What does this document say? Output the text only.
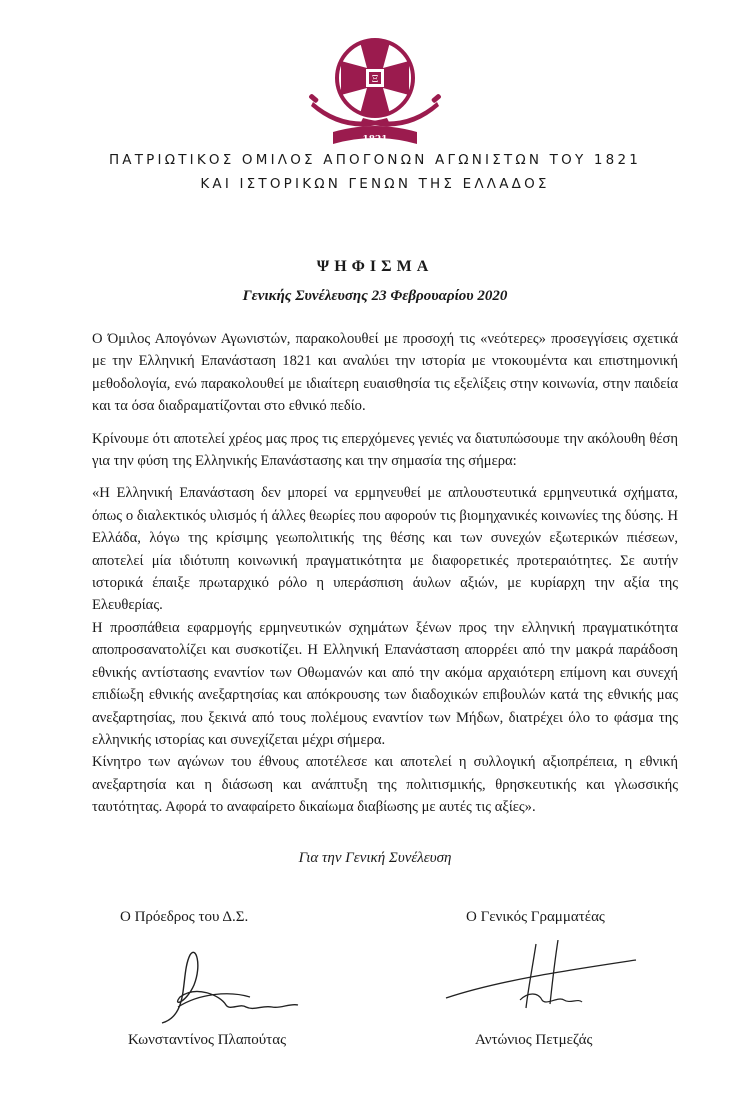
Ξ
1821
ΠΑΤΡΙΩΤΙΚΟΣ ΟΜΙΛΟΣ ΑΠΟΓΟΝΩΝ ΑΓΩΝΙΣΤΩΝ ΤΟΥ 1821
ΚΑΙ ΙΣΤΟΡΙΚΩΝ ΓΕΝΩΝ ΤΗΣ ΕΛΛΑΔΟΣ
ΨΗΦΙΣΜΑ
Γενικής Συνέλευσης 23 Φεβρουαρίου 2020

Ο Όμιλος Απογόνων Αγωνιστών, παρακολουθεί με προσοχή τις «νεότερες» προσεγγίσεις σχετικά με την Ελληνική Επανάσταση 1821 και αναλύει την ιστορία με ντοκουμέντα και επιστημονική μεθοδολογία, ενώ παρακολουθεί με ιδιαίτερη ευαισθησία τις εξελίξεις στην κοινωνία, στην παιδεία και τα όσα διαδραματίζονται στο εθνικό πεδίο.

Κρίνουμε ότι αποτελεί χρέος μας προς τις επερχόμενες γενιές να διατυπώσουμε την ακόλουθη θέση για την φύση της Ελληνικής Επανάστασης και την σημασία της σήμερα:

«Η Ελληνική Επανάσταση δεν μπορεί να ερμηνευθεί με απλουστευτικά ερμηνευτικά σχήματα, όπως ο διαλεκτικός υλισμός ή άλλες θεωρίες που αφορούν τις βιομηχανικές κοινωνίες της δύσης. Η Ελλάδα, λόγω της κρίσιμης γεωπολιτικής της θέσης και των συνεχών εξωτερικών πιέσεων, αποτελεί μία ιδιότυπη κοινωνική πραγματικότητα με διαφορετικές προτεραιότητες. Σε αυτήν ιστορικά έπαιξε πρωταρχικό ρόλο η υπεράσπιση άυλων αξιών, με κυρίαρχη την αξία της Ελευθερίας.

Η προσπάθεια εφαρμογής ερμηνευτικών σχημάτων ξένων προς την ελληνική πραγματικότητα αποπροσανατολίζει και συσκοτίζει. Η Ελληνική Επανάσταση απορρέει από την μακρά παράδοση εθνικής αντίστασης εναντίον των Οθωμανών και από την ακόμα αρχαιότερη επίμονη και συνεχή επιδίωξη εθνικής ανεξαρτησίας και απόκρουσης των διαδοχικών επιβουλών κατά της εθνικής μας ανεξαρτησίας, που ξεκινά από τους πολέμους εναντίον των Μήδων, διατρέχει όλο το φάσμα της ελληνικής ιστορίας και συνεχίζεται μέχρι σήμερα.

Κίνητρο των αγώνων του έθνους αποτέλεσε και αποτελεί η συλλογική αξιοπρέπεια, η εθνική ανεξαρτησία και η διάσωση και ανάπτυξη της πολιτισμικής, θρησκευτικής και γλωσσικής ταυτότητας. Αφορά το αναφαίρετο δικαίωμα διαβίωσης με αυτές τις αξίες».

Για την Γενική Συνέλευση
Ο Πρόεδρος του Δ.Σ.	Ο Γενικός Γραμματέας
Κωνσταντίνος Πλαπούτας	Αντώνιος Πετμεζάς
